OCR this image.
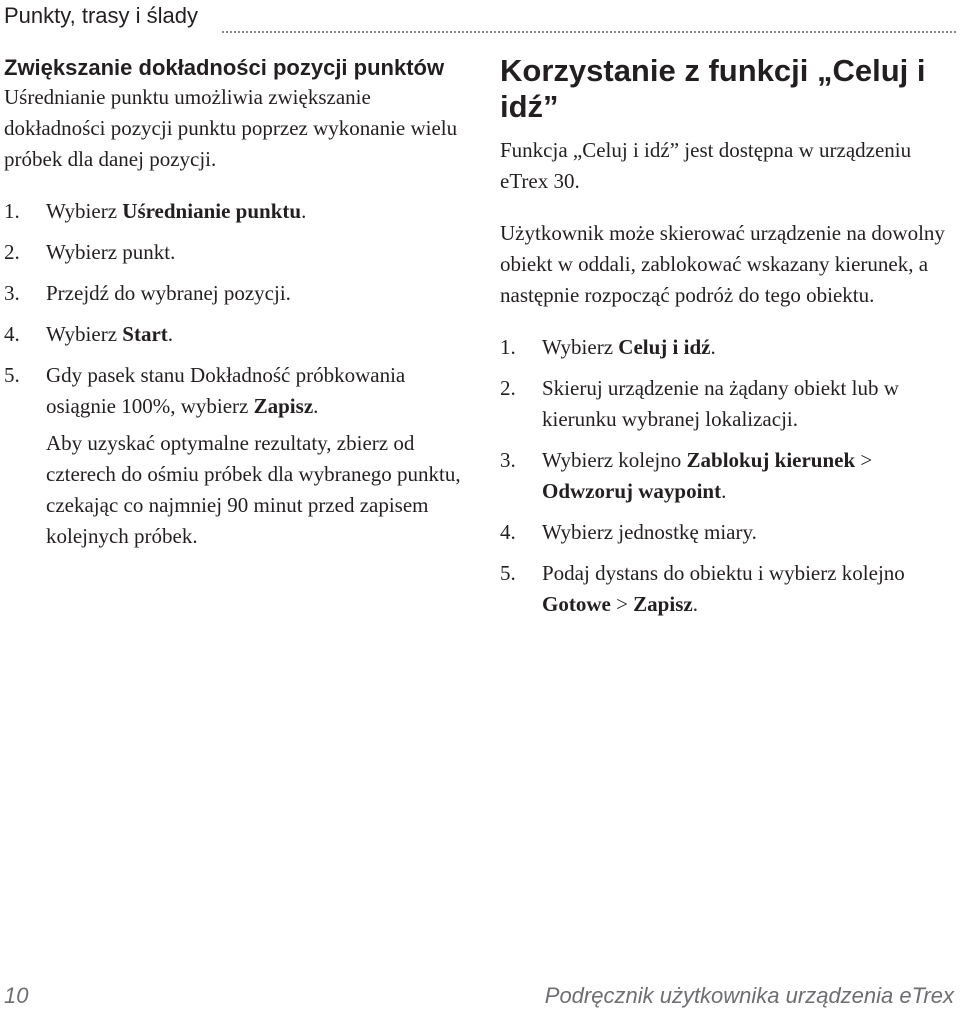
Punkty, trasy i ślady
Zwiększanie dokładności pozycji punktów

Uśrednianie punktu umożliwia zwiększanie dokładności pozycji punktu poprzez wykonanie wielu próbek dla danej pozycji.

1.	Wybierz Uśrednianie punktu.
2.	Wybierz punkt.
3.	Przejdź do wybranej pozycji.
4.	Wybierz Start.
5.	Gdy pasek stanu Dokładność próbkowania osiągnie 100%, wybierz Zapisz.

Aby uzyskać optymalne rezultaty, zbierz od czterech do ośmiu próbek dla wybranego punktu, czekając co najmniej 90 minut przed zapisem kolejnych próbek.

Korzystanie z funkcji „Celuj i idź”

Funkcja „Celuj i idź” jest dostępna w urządzeniu eTrex 30.

Użytkownik może skierować urządzenie na dowolny obiekt w oddali, zablokować wskazany kierunek, a następnie rozpocząć podróż do tego obiektu.

1.	Wybierz Celuj i idź.
2.	Skieruj urządzenie na żądany obiekt lub w kierunku wybranej lokalizacji.
3.	Wybierz kolejno Zablokuj kierunek > Odwzoruj waypoint.
4.	Wybierz jednostkę miary.
5.	Podaj dystans do obiektu i wybierz kolejno Gotowe > Zapisz.
10	Podręcznik użytkownika urządzenia eTrex
